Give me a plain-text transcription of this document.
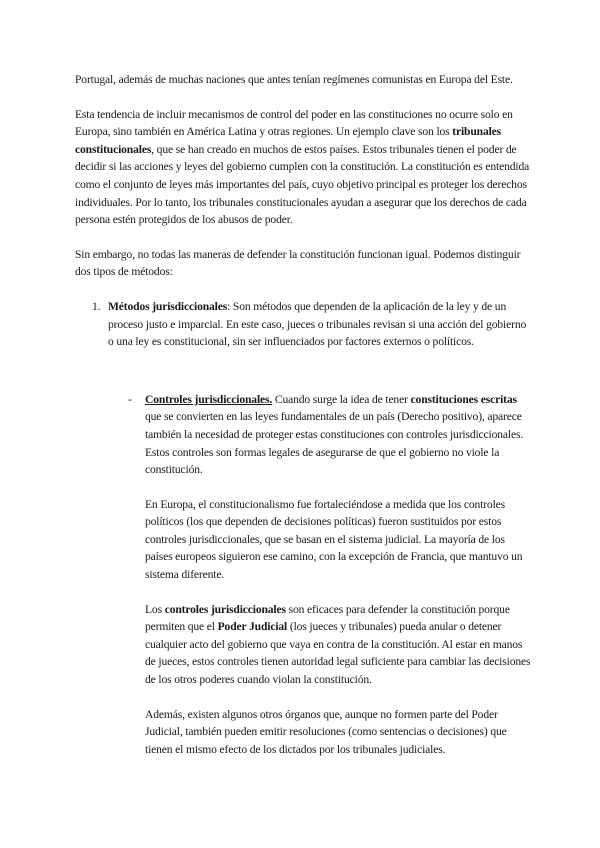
Portugal, además de muchas naciones que antes tenían regímenes comunistas en Europa del Este.

Esta tendencia de incluir mecanismos de control del poder en las constituciones no ocurre solo en Europa, sino también en América Latina y otras regiones. Un ejemplo clave son los tribunales constitucionales, que se han creado en muchos de estos países. Estos tribunales tienen el poder de decidir si las acciones y leyes del gobierno cumplen con la constitución. La constitución es entendida como el conjunto de leyes más importantes del país, cuyo objetivo principal es proteger los derechos individuales. Por lo tanto, los tribunales constitucionales ayudan a asegurar que los derechos de cada persona estén protegidos de los abusos de poder.

Sin embargo, no todas las maneras de defender la constitución funcionan igual. Podemos distinguir dos tipos de métodos:

1. Métodos jurisdiccionales: Son métodos que dependen de la aplicación de la ley y de un proceso justo e imparcial. En este caso, jueces o tribunales revisan si una acción del gobierno o una ley es constitucional, sin ser influenciados por factores externos o políticos.

- Controles jurisdiccionales. Cuando surge la idea de tener constituciones escritas que se convierten en las leyes fundamentales de un país (Derecho positivo), aparece también la necesidad de proteger estas constituciones con controles jurisdiccionales. Estos controles son formas legales de asegurarse de que el gobierno no viole la constitución.

En Europa, el constitucionalismo fue fortaleciéndose a medida que los controles políticos (los que dependen de decisiones políticas) fueron sustituidos por estos controles jurisdiccionales, que se basan en el sistema judicial. La mayoría de los países europeos siguieron ese camino, con la excepción de Francia, que mantuvo un sistema diferente.

Los controles jurisdiccionales son eficaces para defender la constitución porque permiten que el Poder Judicial (los jueces y tribunales) pueda anular o detener cualquier acto del gobierno que vaya en contra de la constitución. Al estar en manos de jueces, estos controles tienen autoridad legal suficiente para cambiar las decisiones de los otros poderes cuando violan la constitución.

Además, existen algunos otros órganos que, aunque no formen parte del Poder Judicial, también pueden emitir resoluciones (como sentencias o decisiones) que tienen el mismo efecto de los dictados por los tribunales judiciales.
